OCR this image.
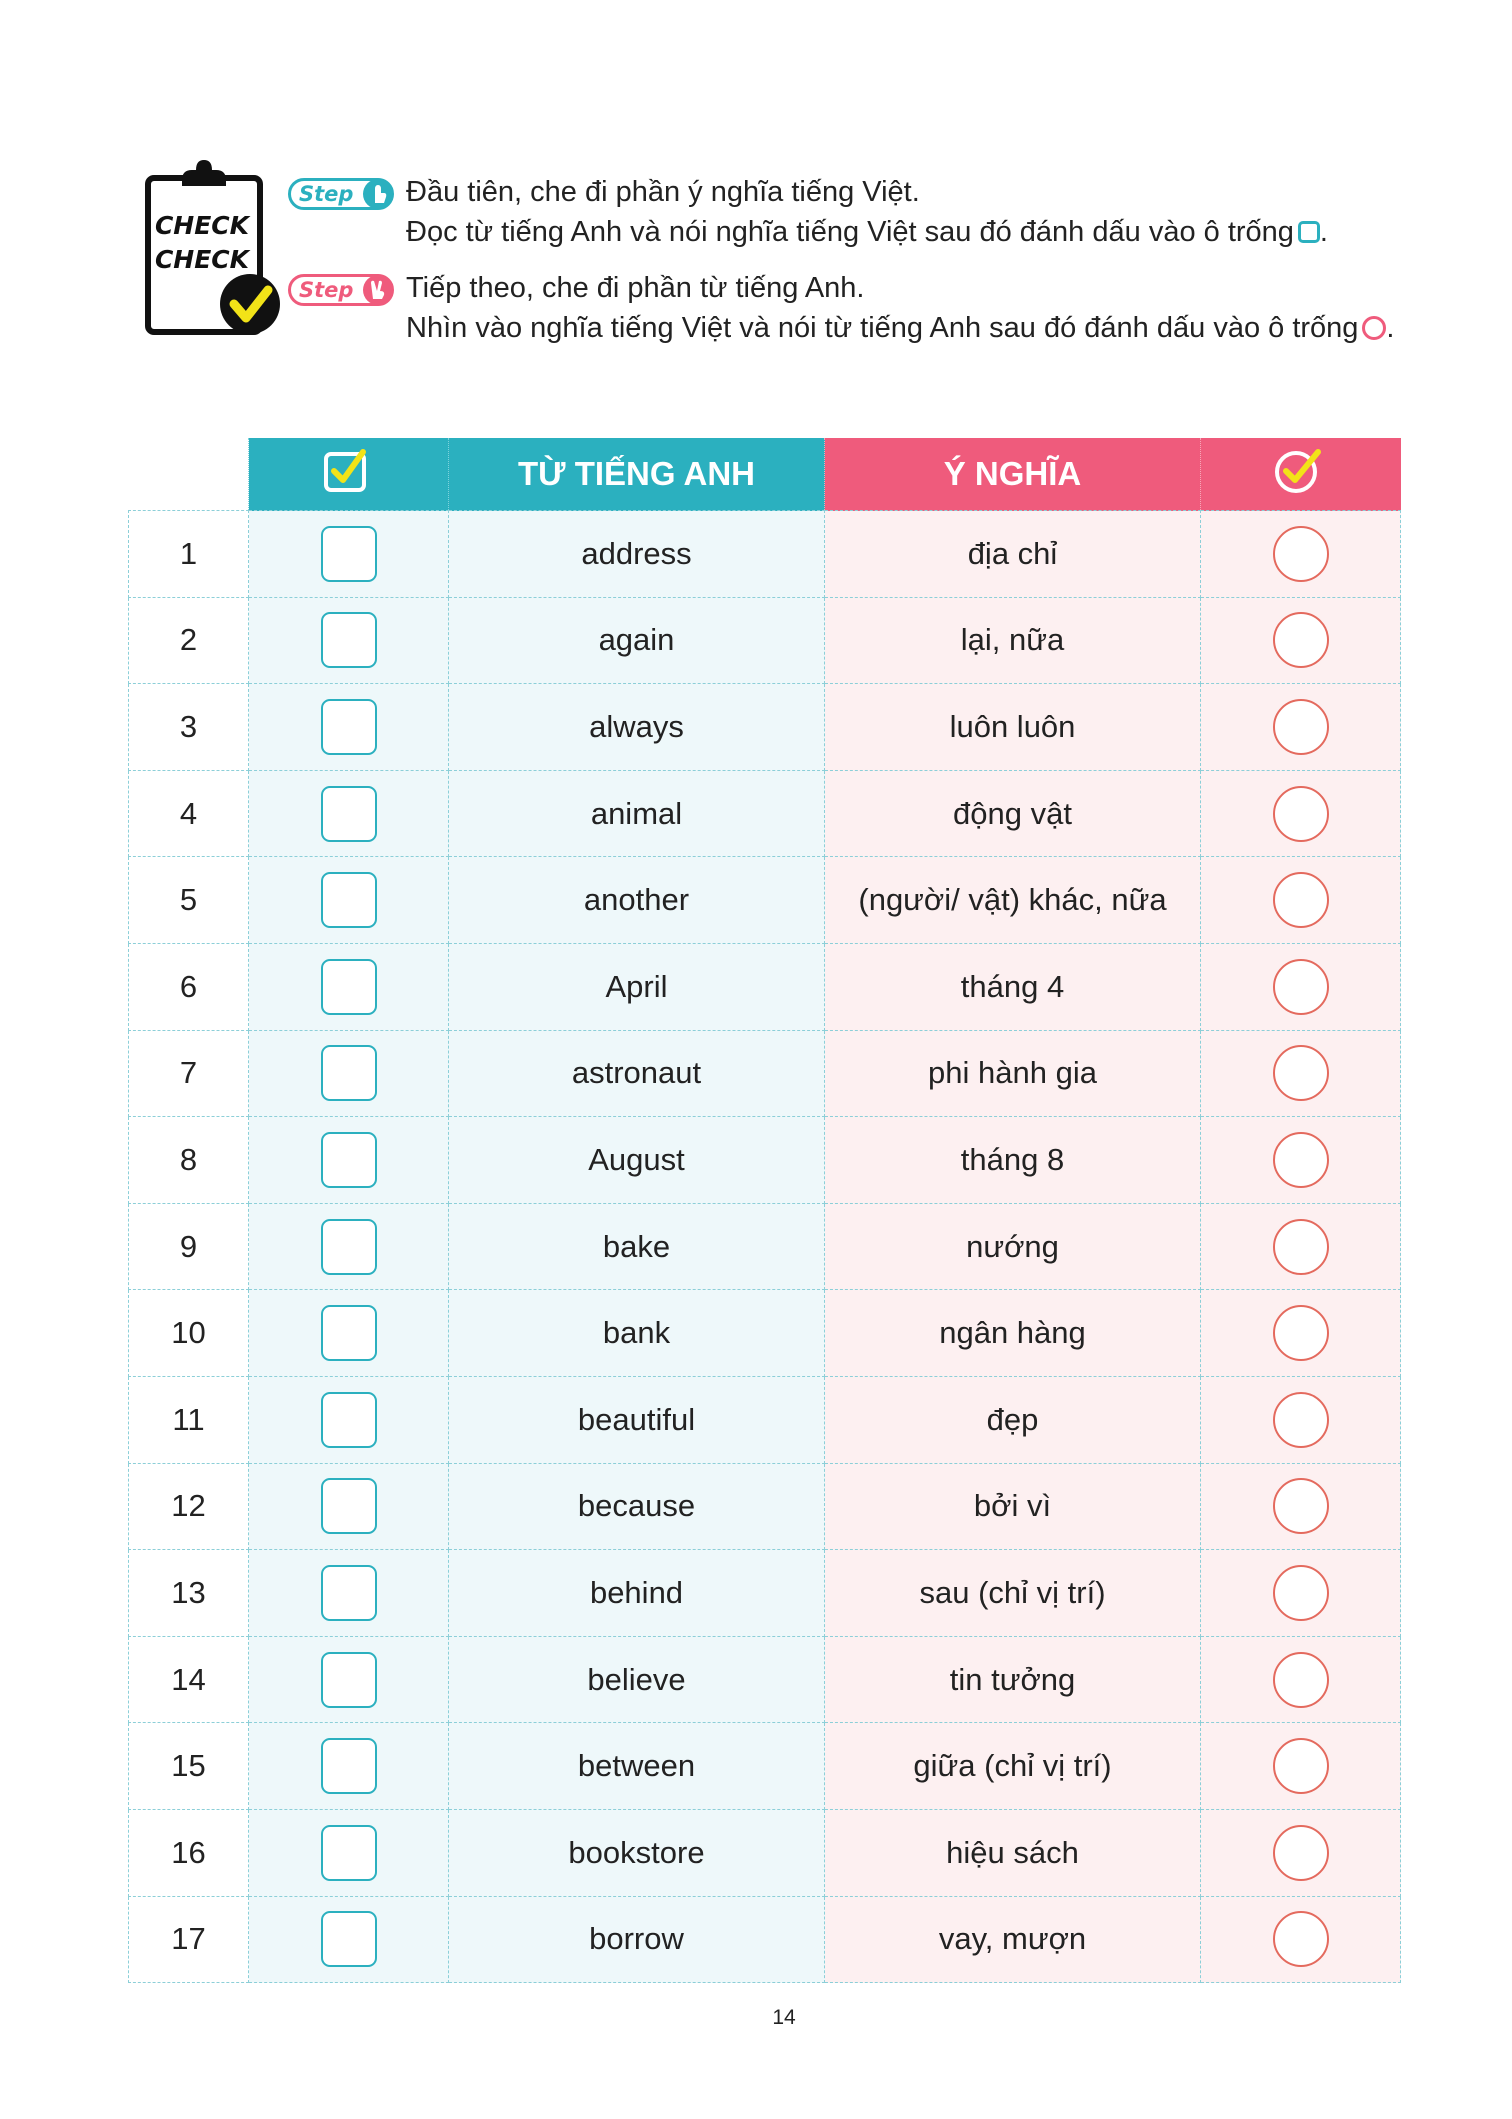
CHECK
CHECK
Step Đầu tiên, che đi phần ý nghĩa tiếng Việt.
Đọc từ tiếng Anh và nói nghĩa tiếng Việt sau đó đánh dấu vào ô trống .
Step Tiếp theo, che đi phần từ tiếng Anh.
Nhìn vào nghĩa tiếng Việt và nói từ tiếng Anh sau đó đánh dấu vào ô trống .
		TỪ TIẾNG ANH	Ý NGHĨA	
1		address	địa chỉ	
2		again	lại, nữa	
3		always	luôn luôn	
4		animal	động vật	
5		another	(người/ vật) khác, nữa	
6		April	tháng 4	
7		astronaut	phi hành gia	
8		August	tháng 8	
9		bake	nướng	
10		bank	ngân hàng	
11		beautiful	đẹp	
12		because	bởi vì	
13		behind	sau (chỉ vị trí)	
14		believe	tin tưởng	
15		between	giữa (chỉ vị trí)	
16		bookstore	hiệu sách	
17		borrow	vay, mượn	
14
